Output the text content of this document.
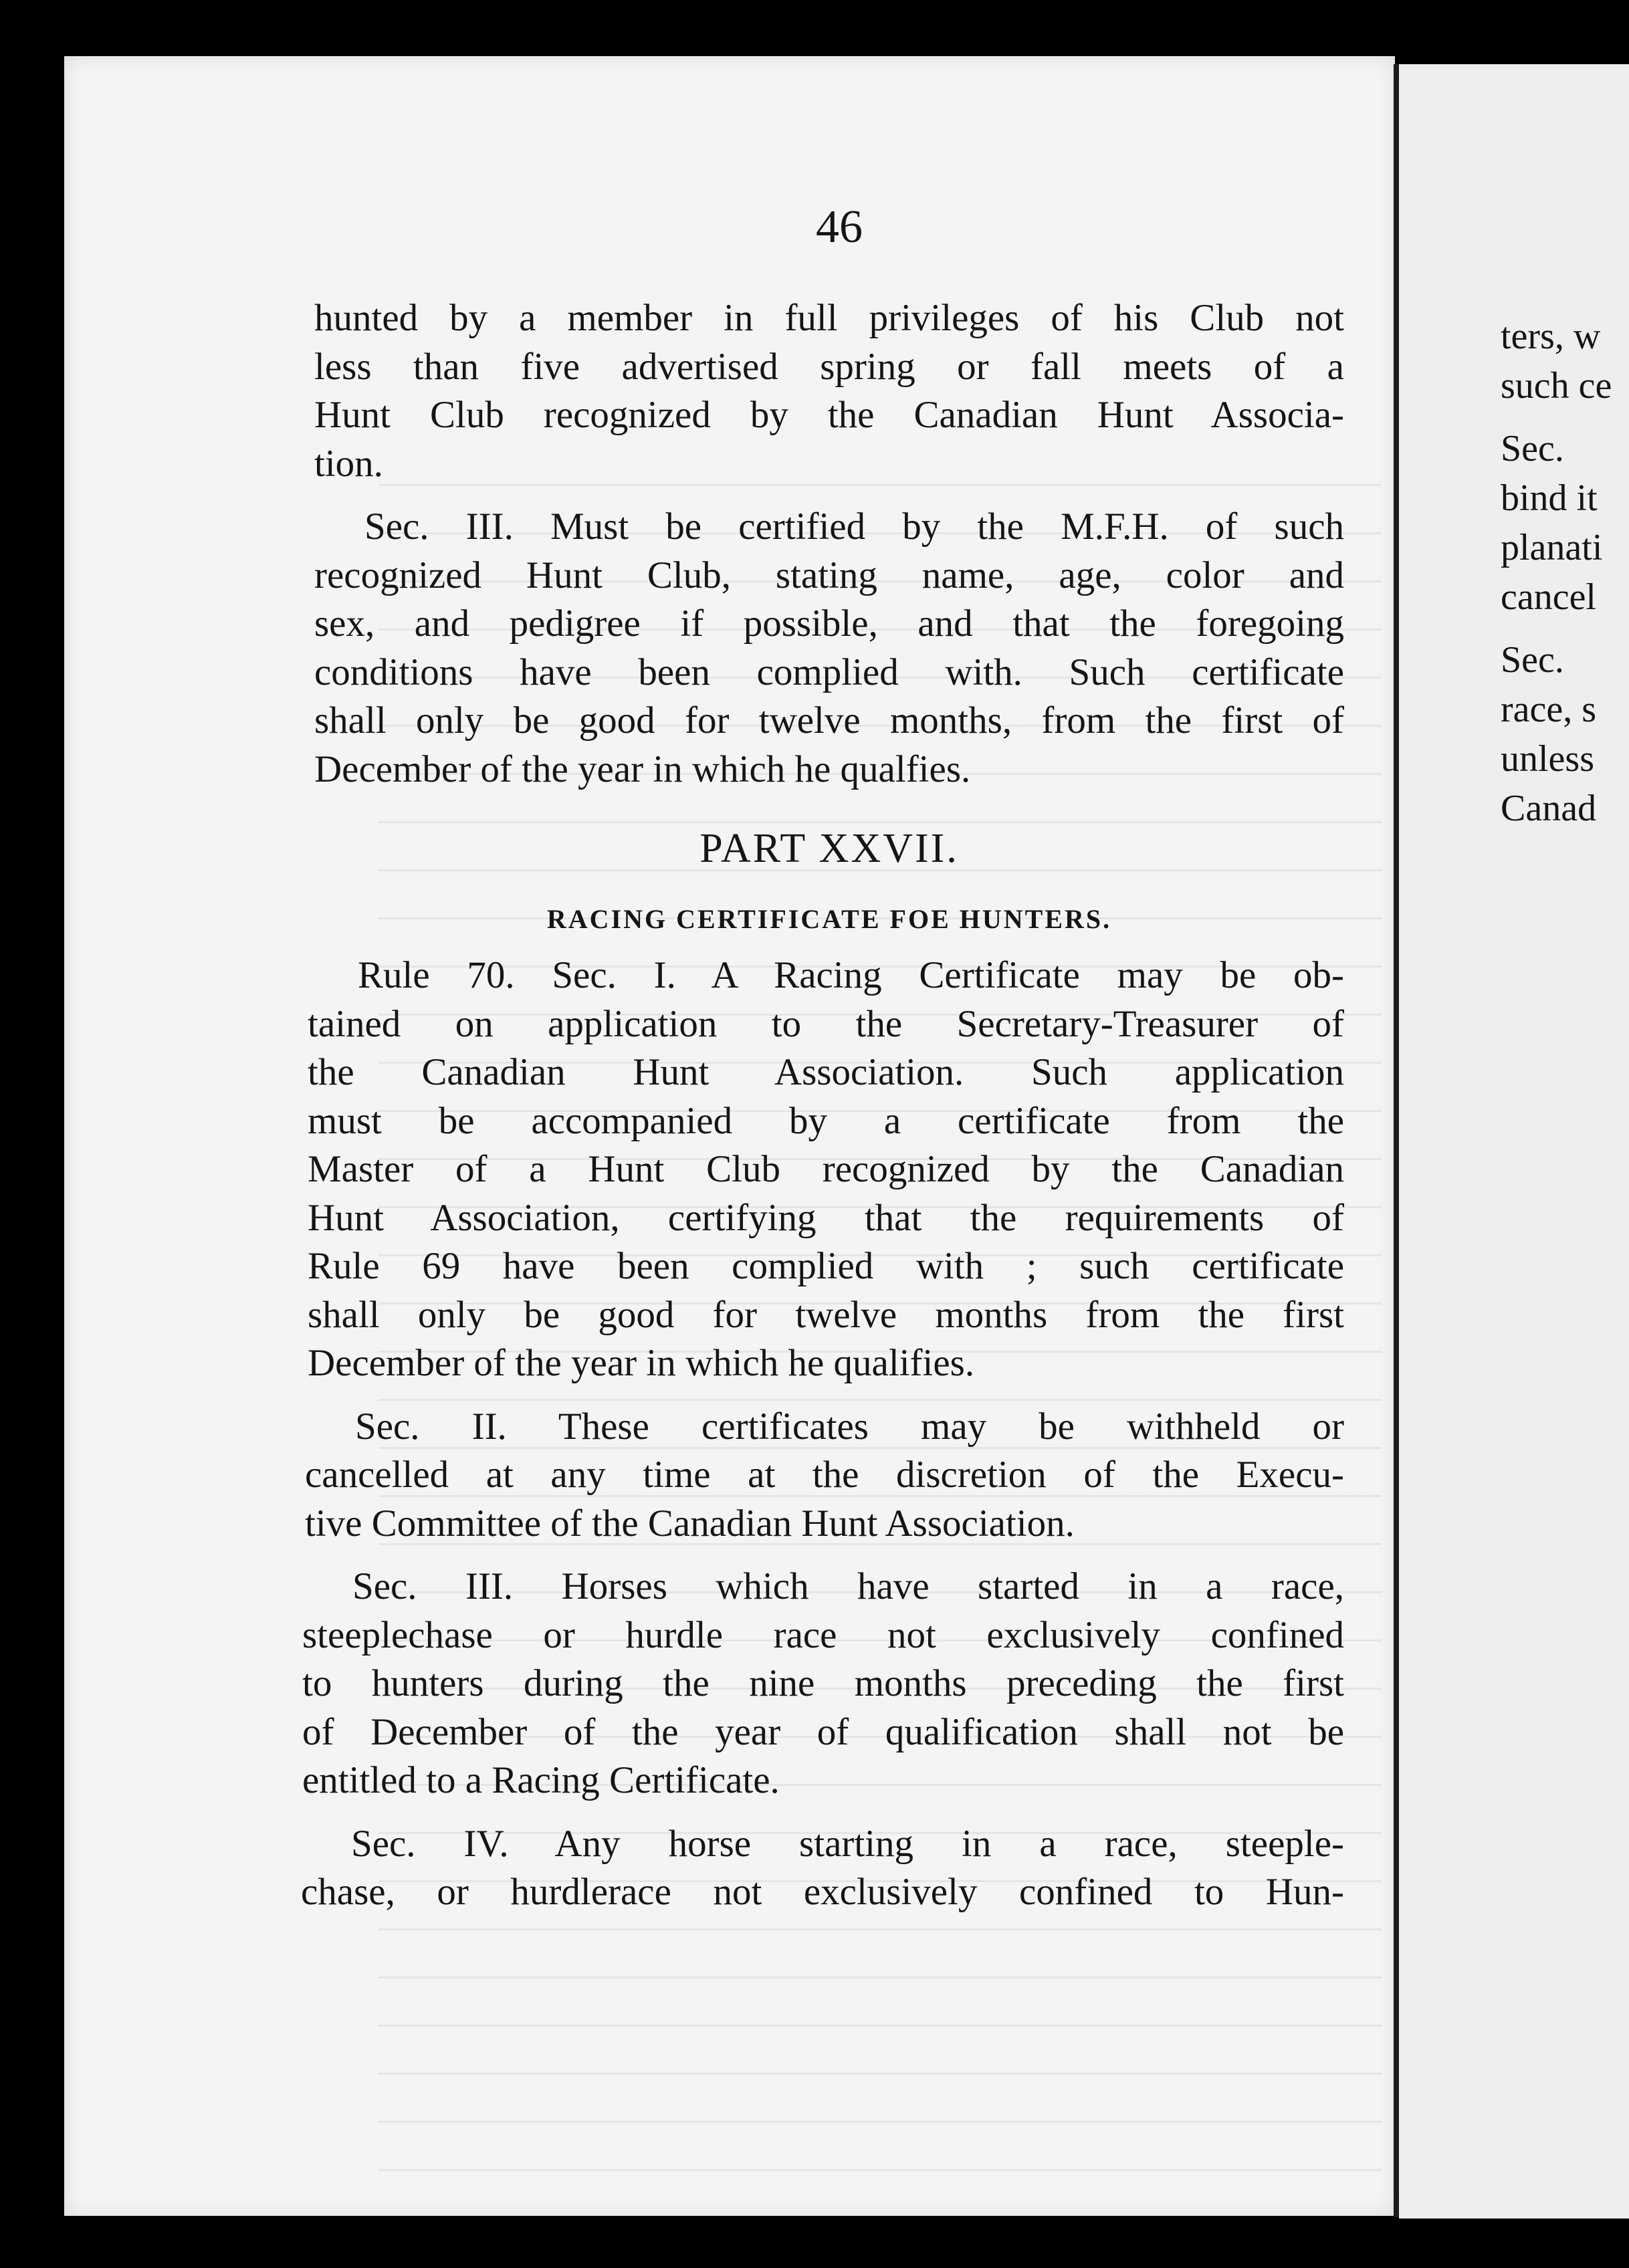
ters, w
such ce
Sec.
bind it
planati
cancel
Sec.
race, s
unless
Canad
46
hunted by a member in full privileges of his Club not
less than five advertised spring or fall meets of a
Hunt Club recognized by the Canadian Hunt Associa-
tion.
Sec. III. Must be certified by the M.F.H. of such
recognized Hunt Club, stating name, age, color and
sex, and pedigree if possible, and that the foregoing
conditions have been complied with. Such certificate
shall only be good for twelve months, from the first of
December of the year in which he qualfies.
PART XXVII.
RACING CERTIFICATE FOE HUNTERS.
Rule 70. Sec. I. A Racing Certificate may be ob-
tained on application to the Secretary-Treasurer of
the Canadian Hunt Association. Such application
must be accompanied by a certificate from the
Master of a Hunt Club recognized by the Canadian
Hunt Association, certifying that the requirements of
Rule 69 have been complied with ; such certificate
shall only be good for twelve months from the first
December of the year in which he qualifies.
Sec. II. These certificates may be withheld or
cancelled at any time at the discretion of the Execu-
tive Committee of the Canadian Hunt Association.
Sec. III. Horses which have started in a race,
steeplechase or hurdle race not exclusively confined
to hunters during the nine months preceding the first
of December of the year of qualification shall not be
entitled to a Racing Certificate.
Sec. IV. Any horse starting in a race, steeple-
chase, or hurdlerace not exclusively confined to Hun-
